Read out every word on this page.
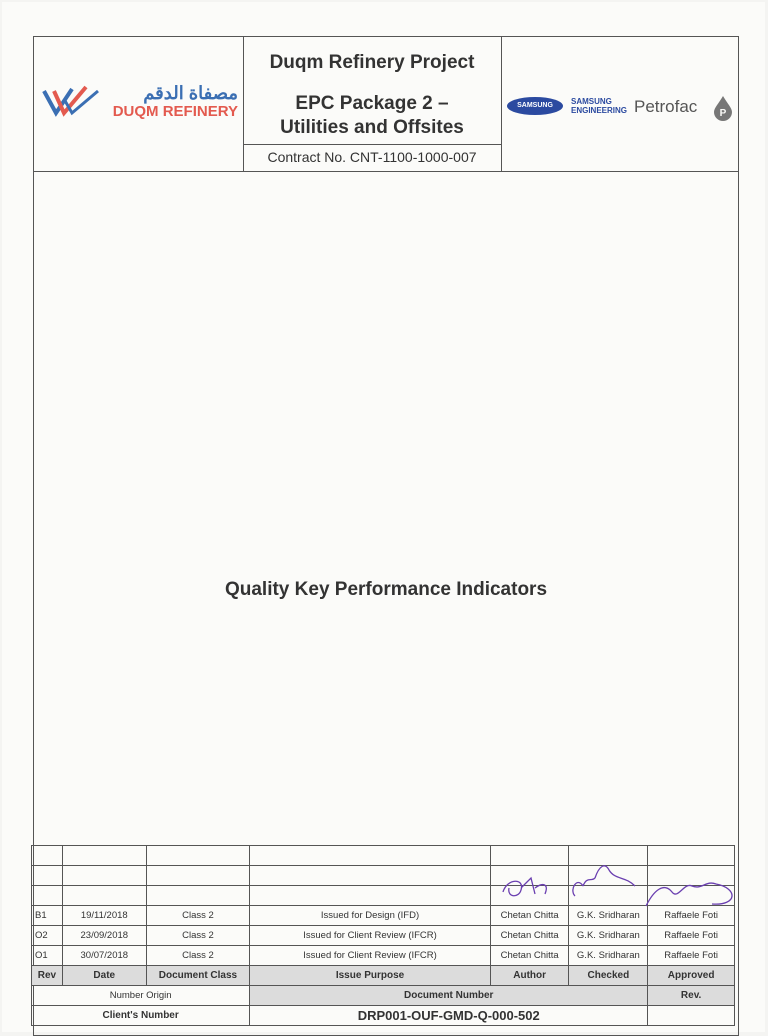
مصفاة الدقم
DUQM REFINERY
Duqm Refinery Project
EPC Package 2 –
Utilities and Offsites
Contract No. CNT-1100-1000-007
SAMSUNG	SAMSUNG
ENGINEERING Petrofac P
Quality Key Performance Indicators

B1	19/11/2018	Class 2	Issued for Design (IFD)	Chetan Chitta	G.K. Sridharan	Raffaele Foti
O2	23/09/2018	Class 2	Issued for Client Review (IFCR)	Chetan Chitta	G.K. Sridharan	Raffaele Foti
O1	30/07/2018	Class 2	Issued for Client Review (IFCR)	Chetan Chitta	G.K. Sridharan	Raffaele Foti
Rev	Date	Document Class	Issue Purpose	Author	Checked	Approved
Number Origin			Document Number			Rev.
Client's Number			DRP001-OUF-GMD-Q-000-502			
